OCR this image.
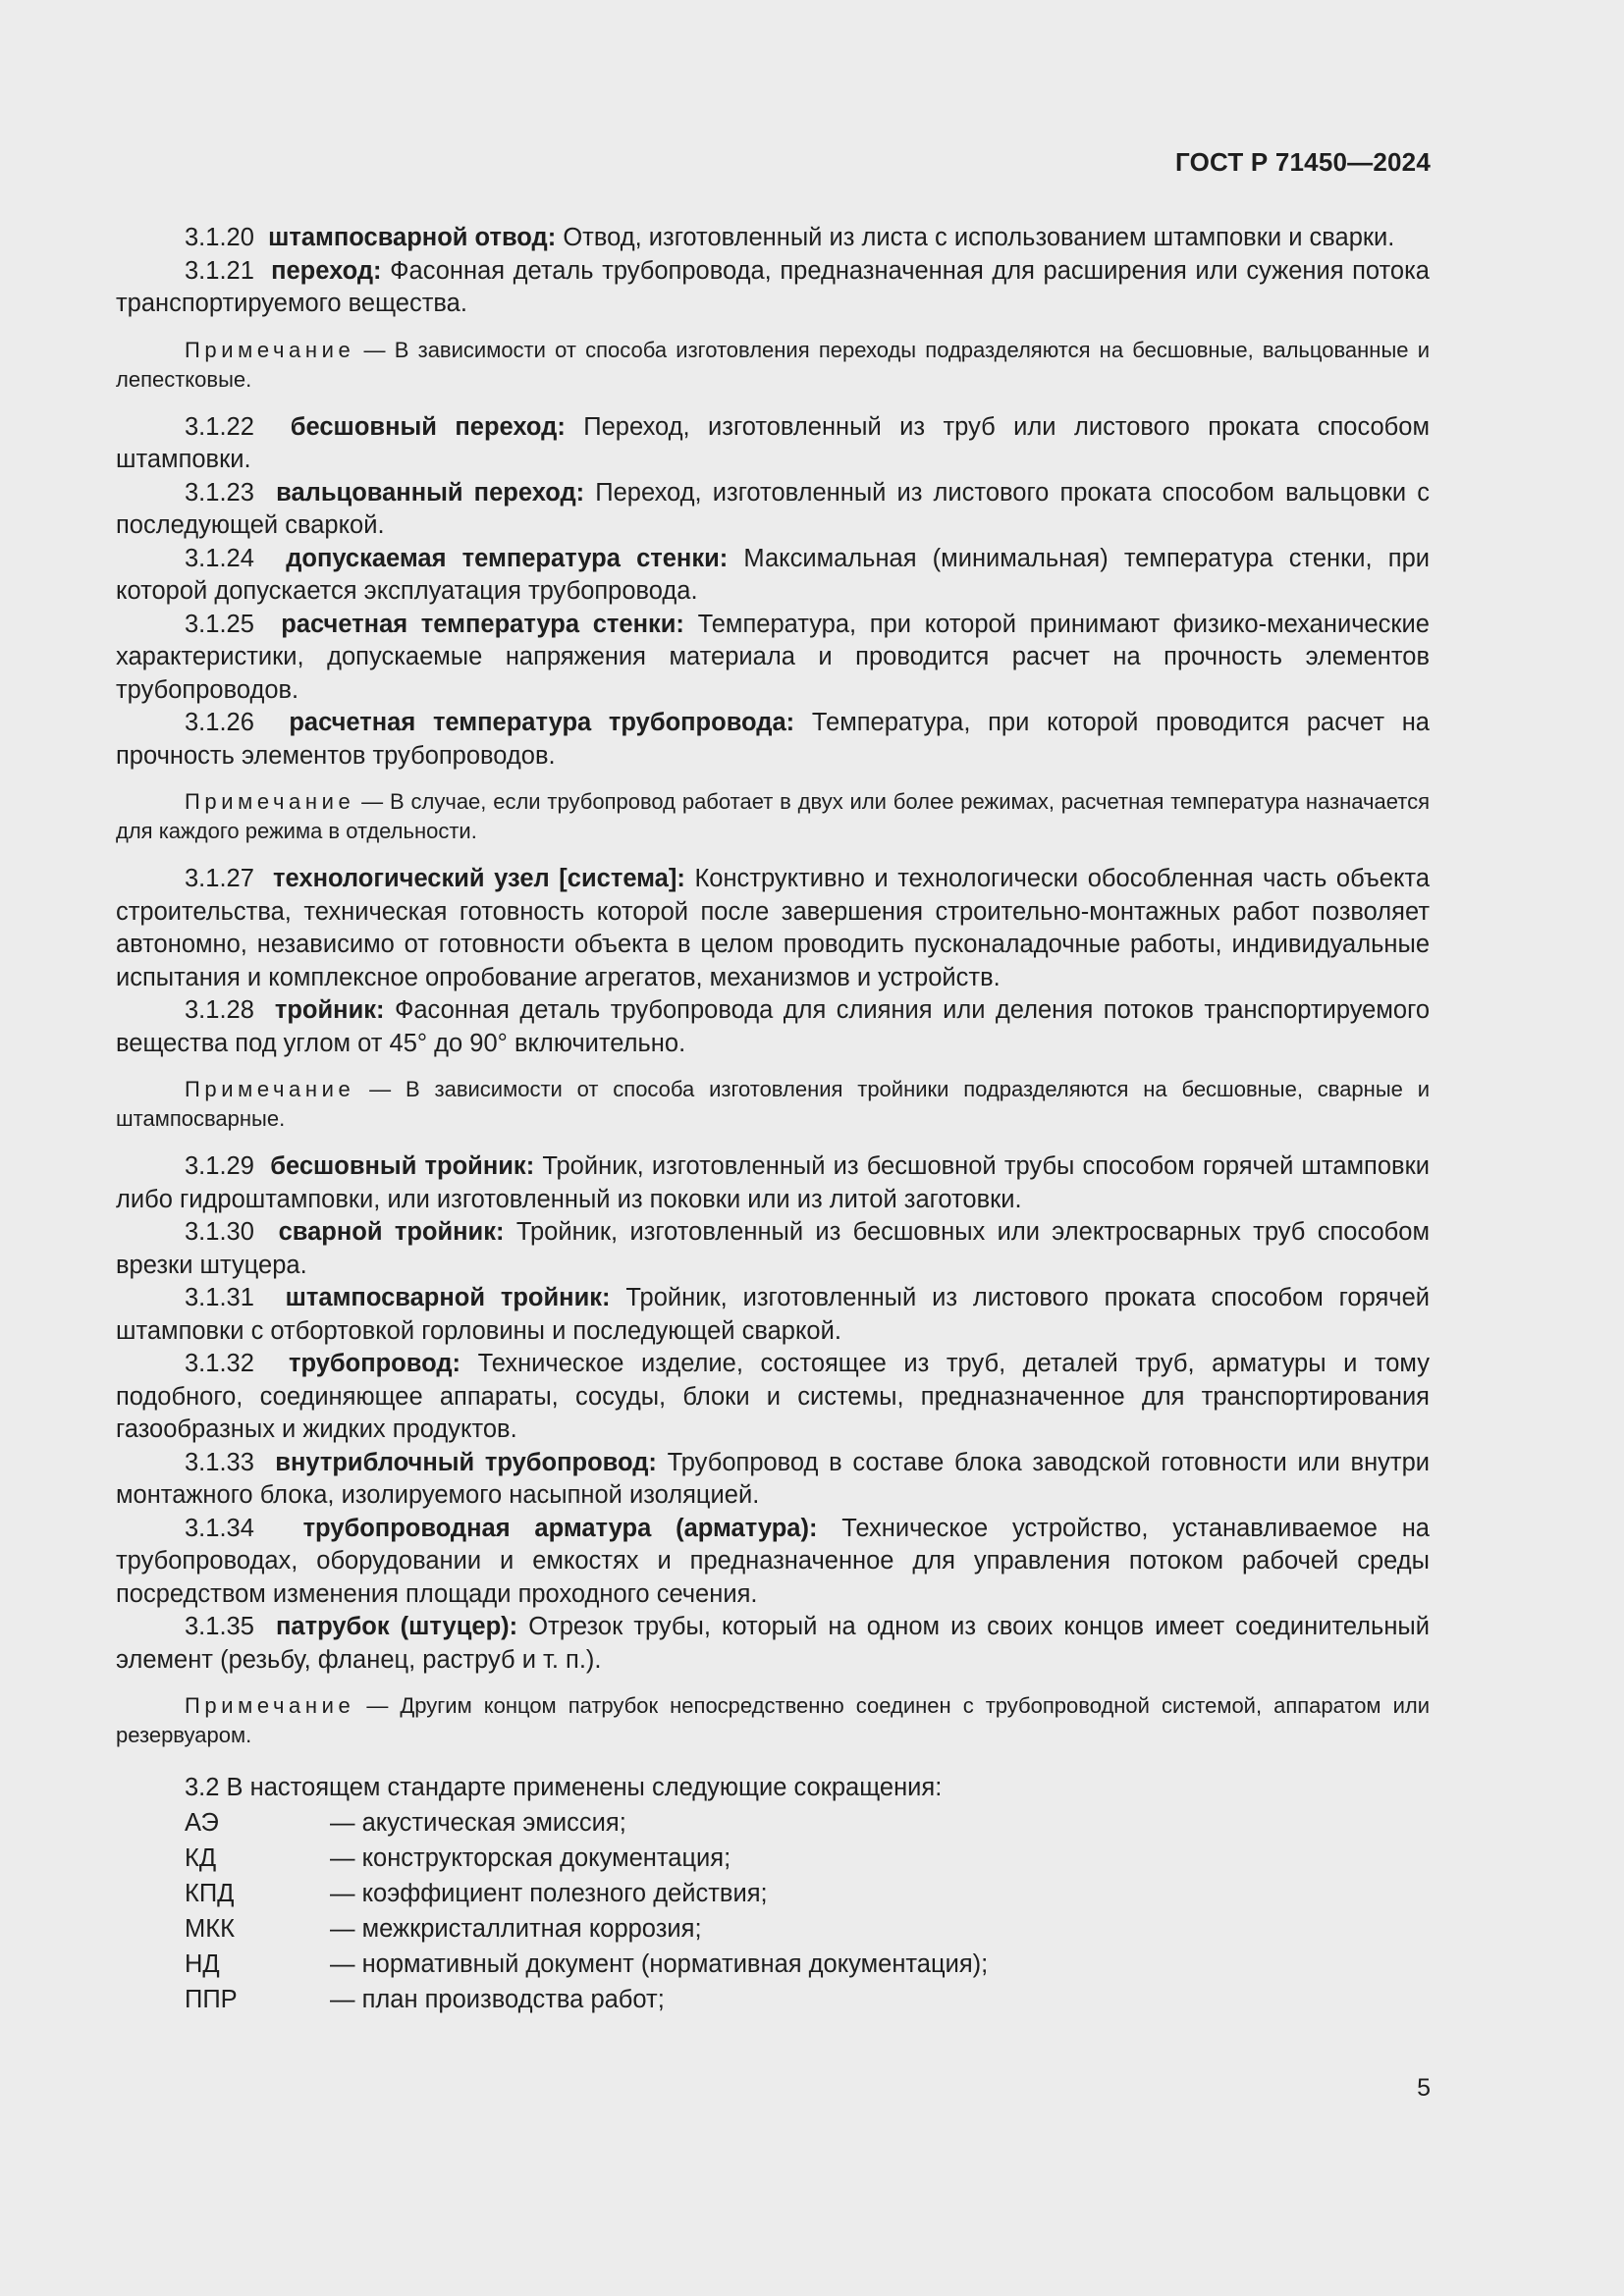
ГОСТ Р 71450—2024

3.1.20 штампосварной отвод: Отвод, изготовленный из листа с использованием штамповки и сварки.

3.1.21 переход: Фасонная деталь трубопровода, предназначенная для расширения или сужения потока транспортируемого вещества.

Примечание — В зависимости от способа изготовления переходы подразделяются на бесшовные, вальцованные и лепестковые.

3.1.22 бесшовный переход: Переход, изготовленный из труб или листового проката способом штамповки.

3.1.23 вальцованный переход: Переход, изготовленный из листового проката способом вальцовки с последующей сваркой.

3.1.24 допускаемая температура стенки: Максимальная (минимальная) температура стенки, при которой допускается эксплуатация трубопровода.

3.1.25 расчетная температура стенки: Температура, при которой принимают физико-механические характеристики, допускаемые напряжения материала и проводится расчет на прочность элементов трубопроводов.

3.1.26 расчетная температура трубопровода: Температура, при которой проводится расчет на прочность элементов трубопроводов.

Примечание — В случае, если трубопровод работает в двух или более режимах, расчетная температура назначается для каждого режима в отдельности.

3.1.27 технологический узел [система]: Конструктивно и технологически обособленная часть объекта строительства, техническая готовность которой после завершения строительно-монтажных работ позволяет автономно, независимо от готовности объекта в целом проводить пусконаладочные работы, индивидуальные испытания и комплексное опробование агрегатов, механизмов и устройств.

3.1.28 тройник: Фасонная деталь трубопровода для слияния или деления потоков транспортируемого вещества под углом от 45° до 90° включительно.

Примечание — В зависимости от способа изготовления тройники подразделяются на бесшовные, сварные и штампосварные.

3.1.29 бесшовный тройник: Тройник, изготовленный из бесшовной трубы способом горячей штамповки либо гидроштамповки, или изготовленный из поковки или из литой заготовки.

3.1.30 сварной тройник: Тройник, изготовленный из бесшовных или электросварных труб способом врезки штуцера.

3.1.31 штампосварной тройник: Тройник, изготовленный из листового проката способом горячей штамповки с отбортовкой горловины и последующей сваркой.

3.1.32 трубопровод: Техническое изделие, состоящее из труб, деталей труб, арматуры и тому подобного, соединяющее аппараты, сосуды, блоки и системы, предназначенное для транспортирования газообразных и жидких продуктов.

3.1.33 внутриблочный трубопровод: Трубопровод в составе блока заводской готовности или внутри монтажного блока, изолируемого насыпной изоляцией.

3.1.34 трубопроводная арматура (арматура): Техническое устройство, устанавливаемое на трубопроводах, оборудовании и емкостях и предназначенное для управления потоком рабочей среды посредством изменения площади проходного сечения.

3.1.35 патрубок (штуцер): Отрезок трубы, который на одном из своих концов имеет соединительный элемент (резьбу, фланец, раструб и т. п.).

Примечание — Другим концом патрубок непосредственно соединен с трубопроводной системой, аппаратом или резервуаром.

3.2 В настоящем стандарте применены следующие сокращения:
АЭ	— акустическая эмиссия;
КД	— конструкторская документация;
КПД	— коэффициент полезного действия;
МКК	— межкристаллитная коррозия;
НД	— нормативный документ (нормативная документация);
ППР	— план производства работ;
5
